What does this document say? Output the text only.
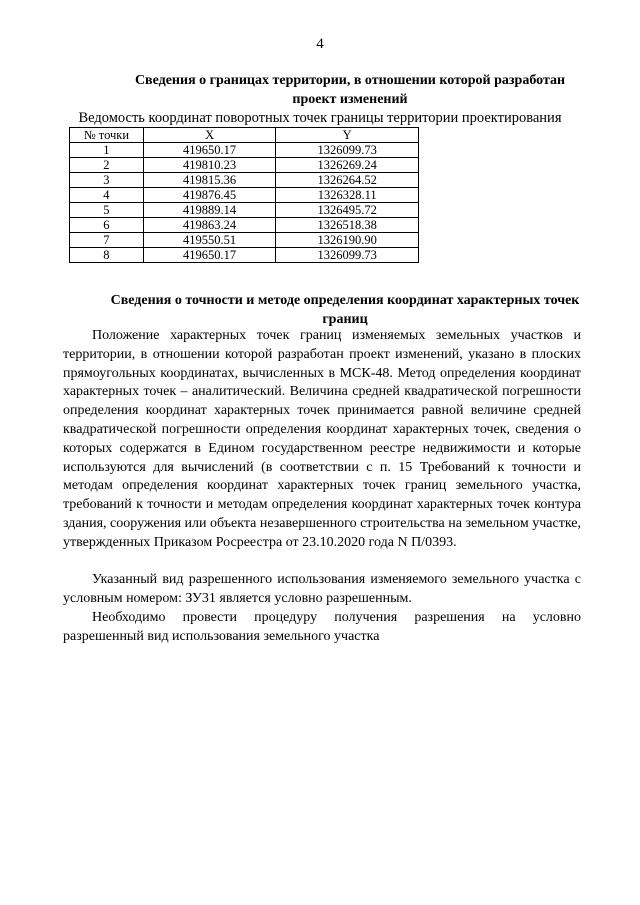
4
Сведения о границах территории, в отношении которой разработан
проект изменений
Ведомость координат поворотных точек границы территории проектирования
№ точки	X	Y
1	419650.17	1326099.73
2	419810.23	1326269.24
3	419815.36	1326264.52
4	419876.45	1326328.11
5	419889.14	1326495.72
6	419863.24	1326518.38
7	419550.51	1326190.90
8	419650.17	1326099.73
Сведения о точности и методе определения координат характерных точек
границ

Положение характерных точек границ изменяемых земельных участков и территории, в отношении которой разработан проект изменений, указано в плоских прямоугольных координатах, вычисленных в МСК-48. Метод определения координат характерных точек – аналитический. Величина средней квадратической погрешности определения координат характерных точек принимается равной величине средней квадратической погрешности определения координат характерных точек, сведения о которых содержатся в Едином государственном реестре недвижимости и которые используются для вычислений (в соответствии с п. 15 Требований к точности и методам определения координат характерных точек границ земельного участка, требований к точности и методам определения координат характерных точек контура здания, сооружения или объекта незавершенного строительства на земельном участке, утвержденных Приказом Росреестра от 23.10.2020 года N П/0393.

Указанный вид разрешенного использования изменяемого земельного участка с условным номером: ЗУ31 является условно разрешенным.

Необходимо провести процедуру получения разрешения на условно разрешенный вид использования земельного участка
